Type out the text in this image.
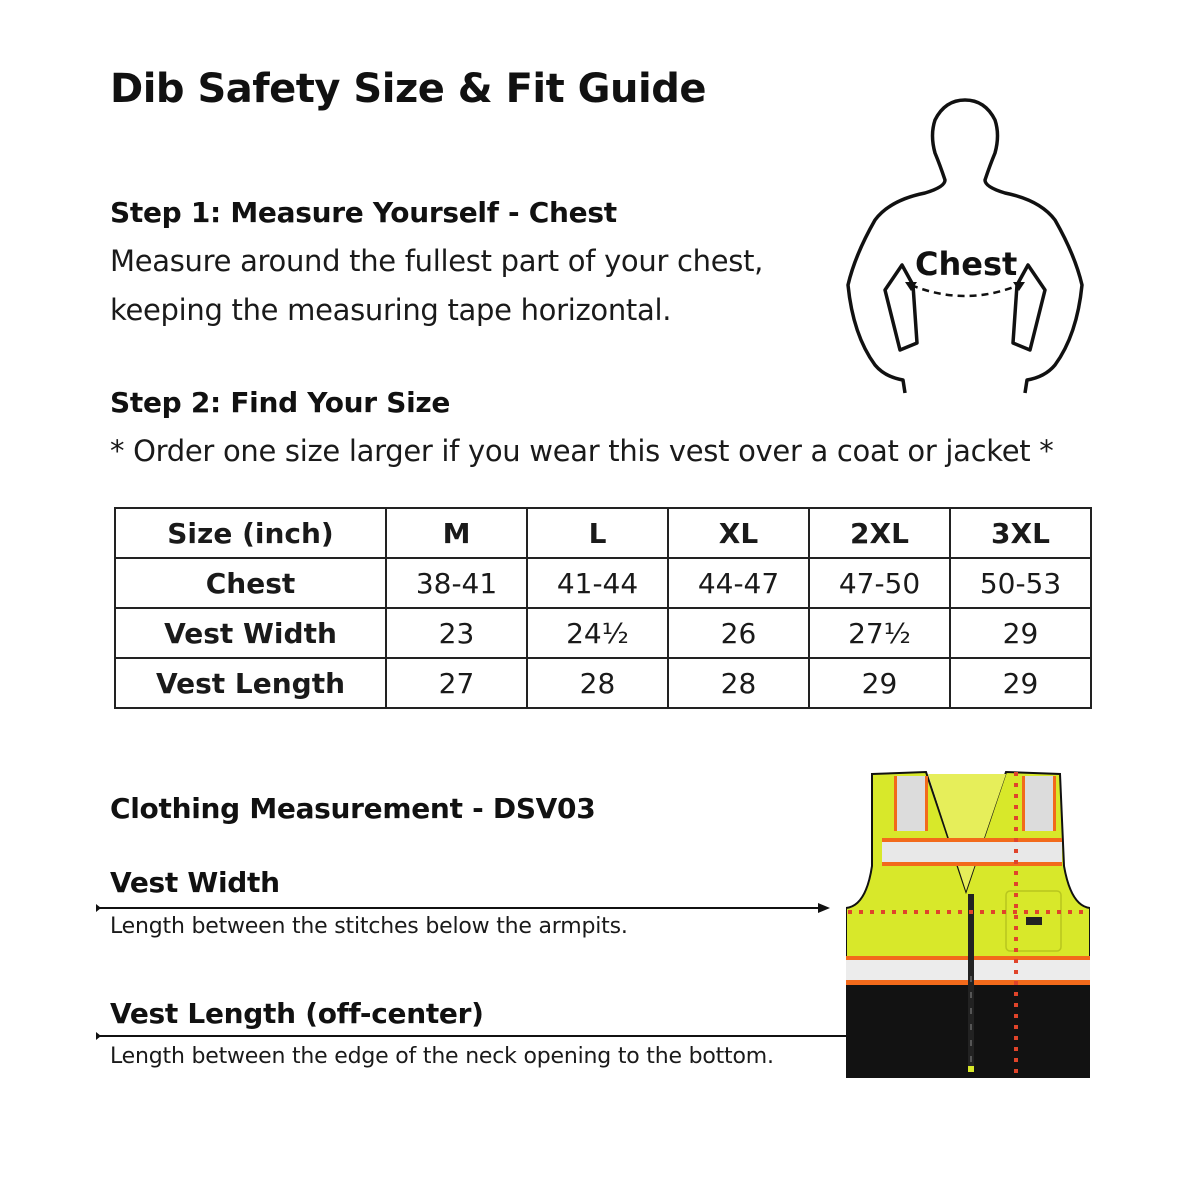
Dib Safety Size & Fit Guide
Step 1: Measure Yourself - Chest
Measure around the fullest part of your chest,
keeping the measuring tape horizontal.
Chest
Step 2: Find Your Size
* Order one size larger if you wear this vest over a coat or jacket *
Size (inch)	M	L	XL	2XL	3XL
Chest	38-41	41-44	44-47	47-50	50-53
Vest Width	23	24½	26	27½	29
Vest Length	27	28	28	29	29
Clothing Measurement - DSV03
Vest Width
Length between the stitches below the armpits.
Vest Length (off-center)
Length between the edge of the neck opening to the bottom.
